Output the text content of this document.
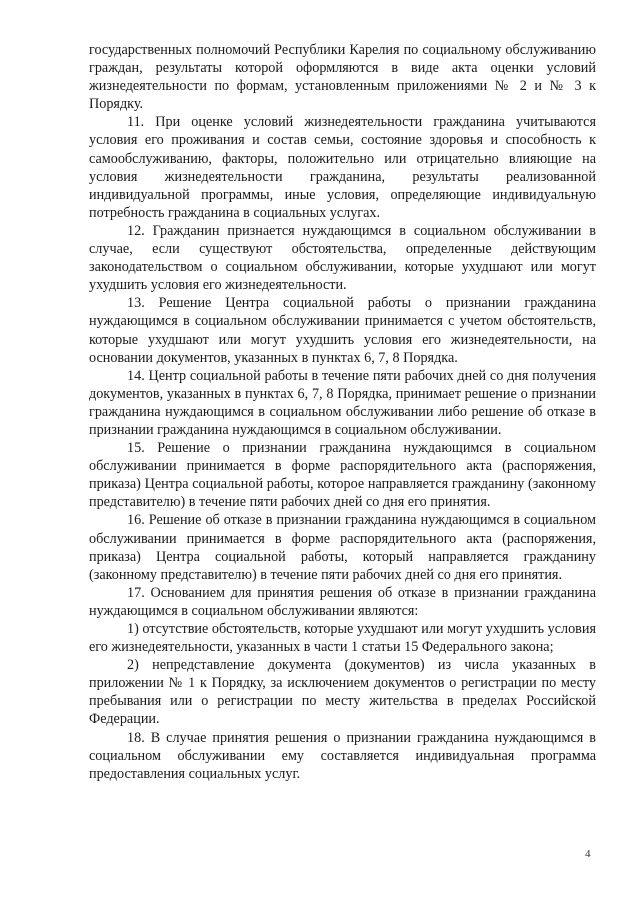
государственных полномочий Республики Карелия по социальному обслуживанию граждан, результаты которой оформляются в виде акта оценки условий жизнедеятельности по формам, установленным приложениями № 2 и № 3 к Порядку.

11. При оценке условий жизнедеятельности гражданина учитываются условия его проживания и состав семьи, состояние здоровья и способность к самообслуживанию, факторы, положительно или отрицательно влияющие на условия жизнедеятельности гражданина, результаты реализованной индивидуальной программы, иные условия, определяющие индивидуальную потребность гражданина в социальных услугах.

12. Гражданин признается нуждающимся в социальном обслуживании в случае, если существуют обстоятельства, определенные действующим законодательством о социальном обслуживании, которые ухудшают или могут ухудшить условия его жизнедеятельности.

13. Решение Центра социальной работы о признании гражданина нуждающимся в социальном обслуживании принимается с учетом обстоятельств, которые ухудшают или могут ухудшить условия его жизнедеятельности, на основании документов, указанных в пунктах 6, 7, 8 Порядка.

14. Центр социальной работы в течение пяти рабочих дней со дня получения документов, указанных в пунктах 6, 7, 8 Порядка, принимает решение о признании гражданина нуждающимся в социальном обслуживании либо решение об отказе в признании гражданина нуждающимся в социальном обслуживании.

15. Решение о признании гражданина нуждающимся в социальном обслуживании принимается в форме распорядительного акта (распоряжения, приказа) Центра социальной работы, которое направляется гражданину (законному представителю) в течение пяти рабочих дней со дня его принятия.

16. Решение об отказе в признании гражданина нуждающимся в социальном обслуживании принимается в форме распорядительного акта (распоряжения, приказа) Центра социальной работы, который направляется гражданину (законному представителю) в течение пяти рабочих дней со дня его принятия.

17. Основанием для принятия решения об отказе в признании гражданина нуждающимся в социальном обслуживании являются:

1) отсутствие обстоятельств, которые ухудшают или могут ухудшить условия его жизнедеятельности, указанных в части 1 статьи 15 Федерального закона;

2) непредставление документа (документов) из числа указанных в приложении № 1 к Порядку, за исключением документов о регистрации по месту пребывания или о регистрации по месту жительства в пределах Российской Федерации.

18. В случае принятия решения о признании гражданина нуждающимся в социальном обслуживании ему составляется индивидуальная программа предоставления социальных услуг.

4
